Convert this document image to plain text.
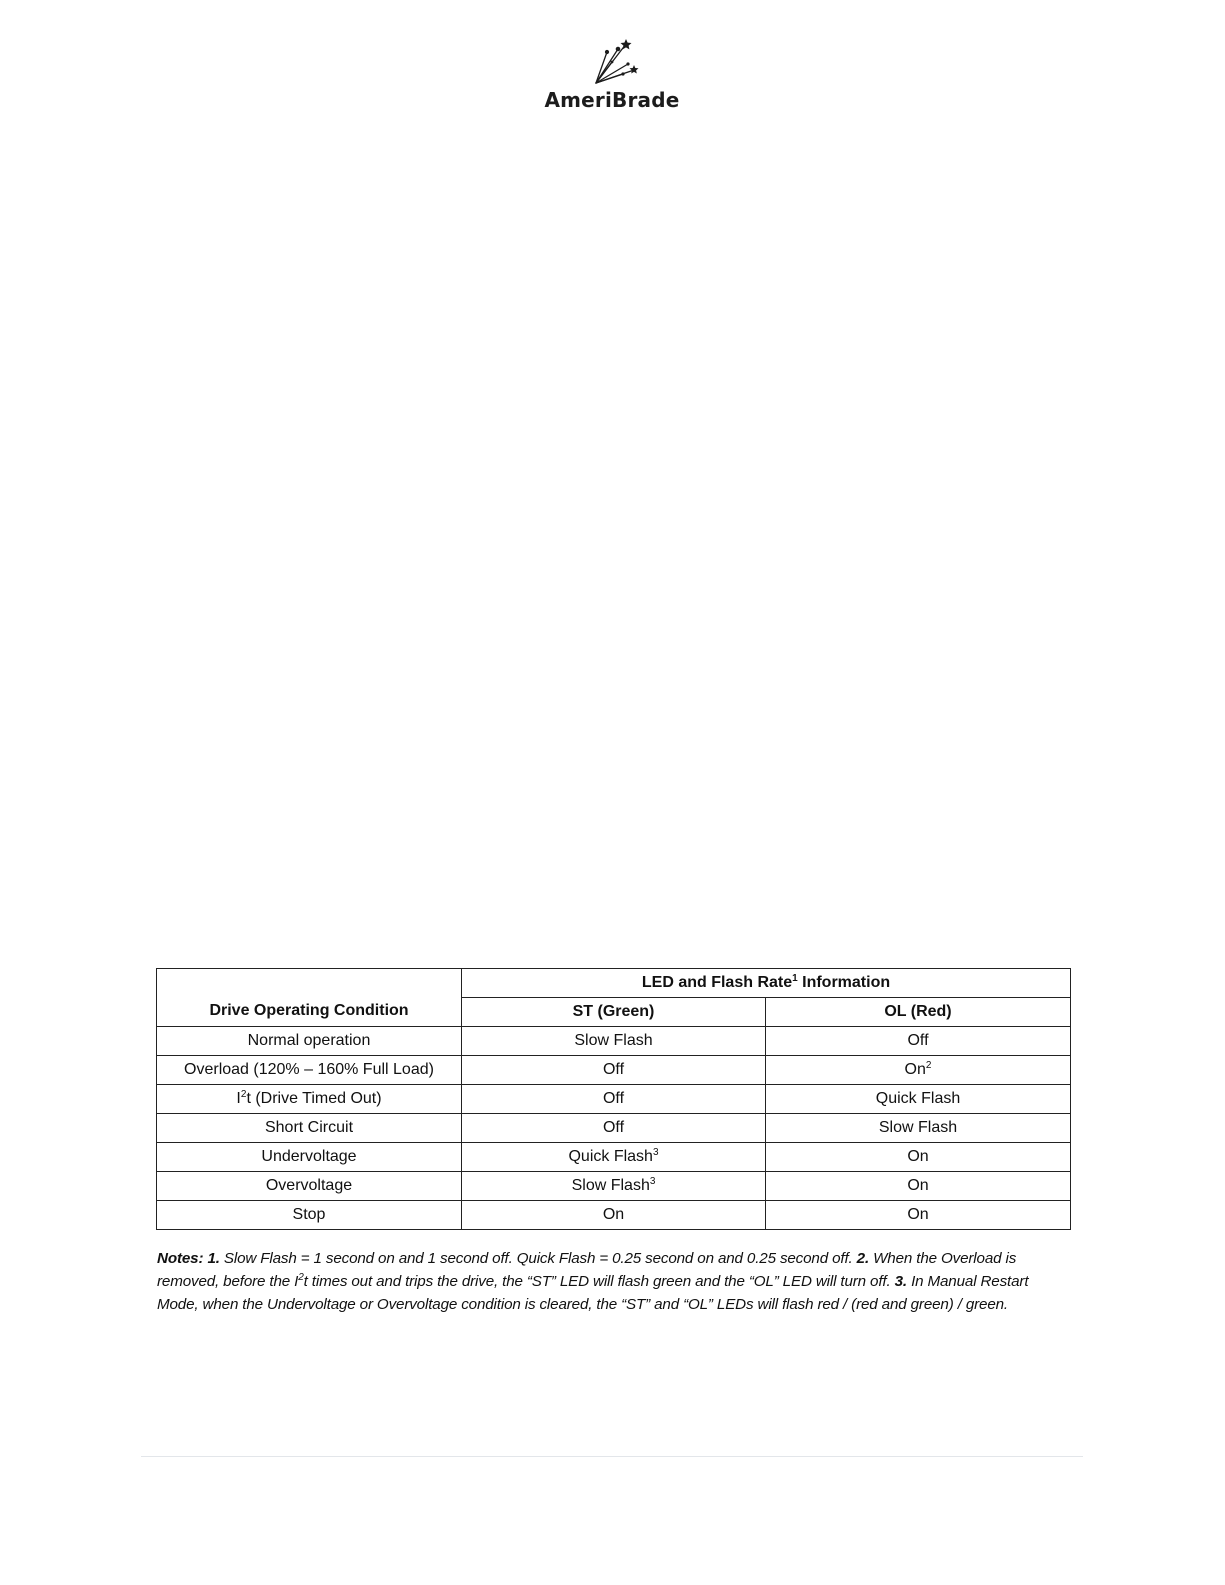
AmeriBrade
Drive Operating Condition	LED and Flash Rate$^1$ Information	
	ST (Green)	OL (Red)
Normal operation	Slow Flash	Off
Overload (120% – 160% Full Load)	Off	On$^2$
$I^2t$ (Drive Timed Out)	Off	Quick Flash
Short Circuit	Off	Slow Flash
Undervoltage	Quick Flash$^3$	On
Overvoltage	Slow Flash$^3$	On
Stop	On	On
Notes: 1. Slow Flash = 1 second on and 1 second off. Quick Flash = 0.25 second on and 0.25 second off. 2. When the Overload is removed, before the $I^2t$ times out and trips the drive, the “ST” LED will flash green and the “OL” LED will turn off. 3. In Manual Restart Mode, when the Undervoltage or Overvoltage condition is cleared, the “ST” and “OL” LEDs will flash red / (red and green) / green.
